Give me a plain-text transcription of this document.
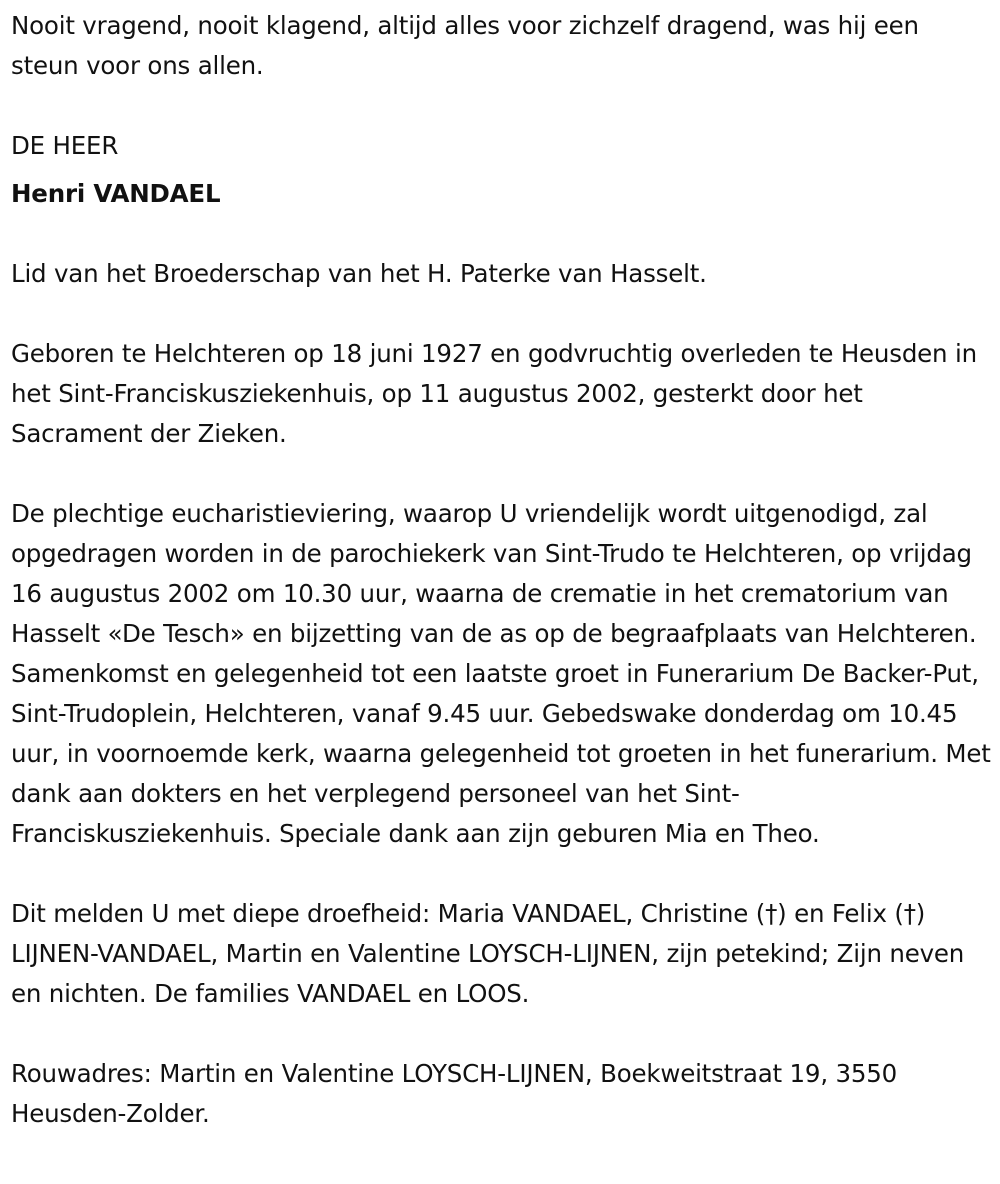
Nooit vragend, nooit klagend, altijd alles voor zichzelf dragend, was hij een steun voor ons allen.

DE HEER

Henri VANDAEL

Lid van het Broederschap van het H. Paterke van Hasselt.

Geboren te Helchteren op 18 juni 1927 en godvruchtig overleden te Heusden in het Sint-Franciskusziekenhuis, op 11 augustus 2002, gesterkt door het Sacrament der Zieken.

De plechtige eucharistieviering, waarop U vriendelijk wordt uitgenodigd, zal opgedragen worden in de parochiekerk van Sint-Trudo te Helchteren, op vrijdag 16 augustus 2002 om 10.30 uur, waarna de crematie in het crematorium van Hasselt «De Tesch» en bijzetting van de as op de begraafplaats van Helchteren. Samenkomst en gelegenheid tot een laatste groet in Funerarium De Backer-Put, Sint-Trudoplein, Helchteren, vanaf 9.45 uur. Gebedswake donderdag om 10.45 uur, in voornoemde kerk, waarna gelegenheid tot groeten in het funerarium. Met dank aan dokters en het verplegend personeel van het Sint-Franciskusziekenhuis. Speciale dank aan zijn geburen Mia en Theo.

Dit melden U met diepe droefheid: Maria VANDAEL, Christine (†) en Felix (†) LIJNEN-VANDAEL, Martin en Valentine LOYSCH-LIJNEN, zijn petekind; Zijn neven en nichten. De families VANDAEL en LOOS.

Rouwadres: Martin en Valentine LOYSCH-LIJNEN, Boekweitstraat 19, 3550 Heusden-Zolder.
